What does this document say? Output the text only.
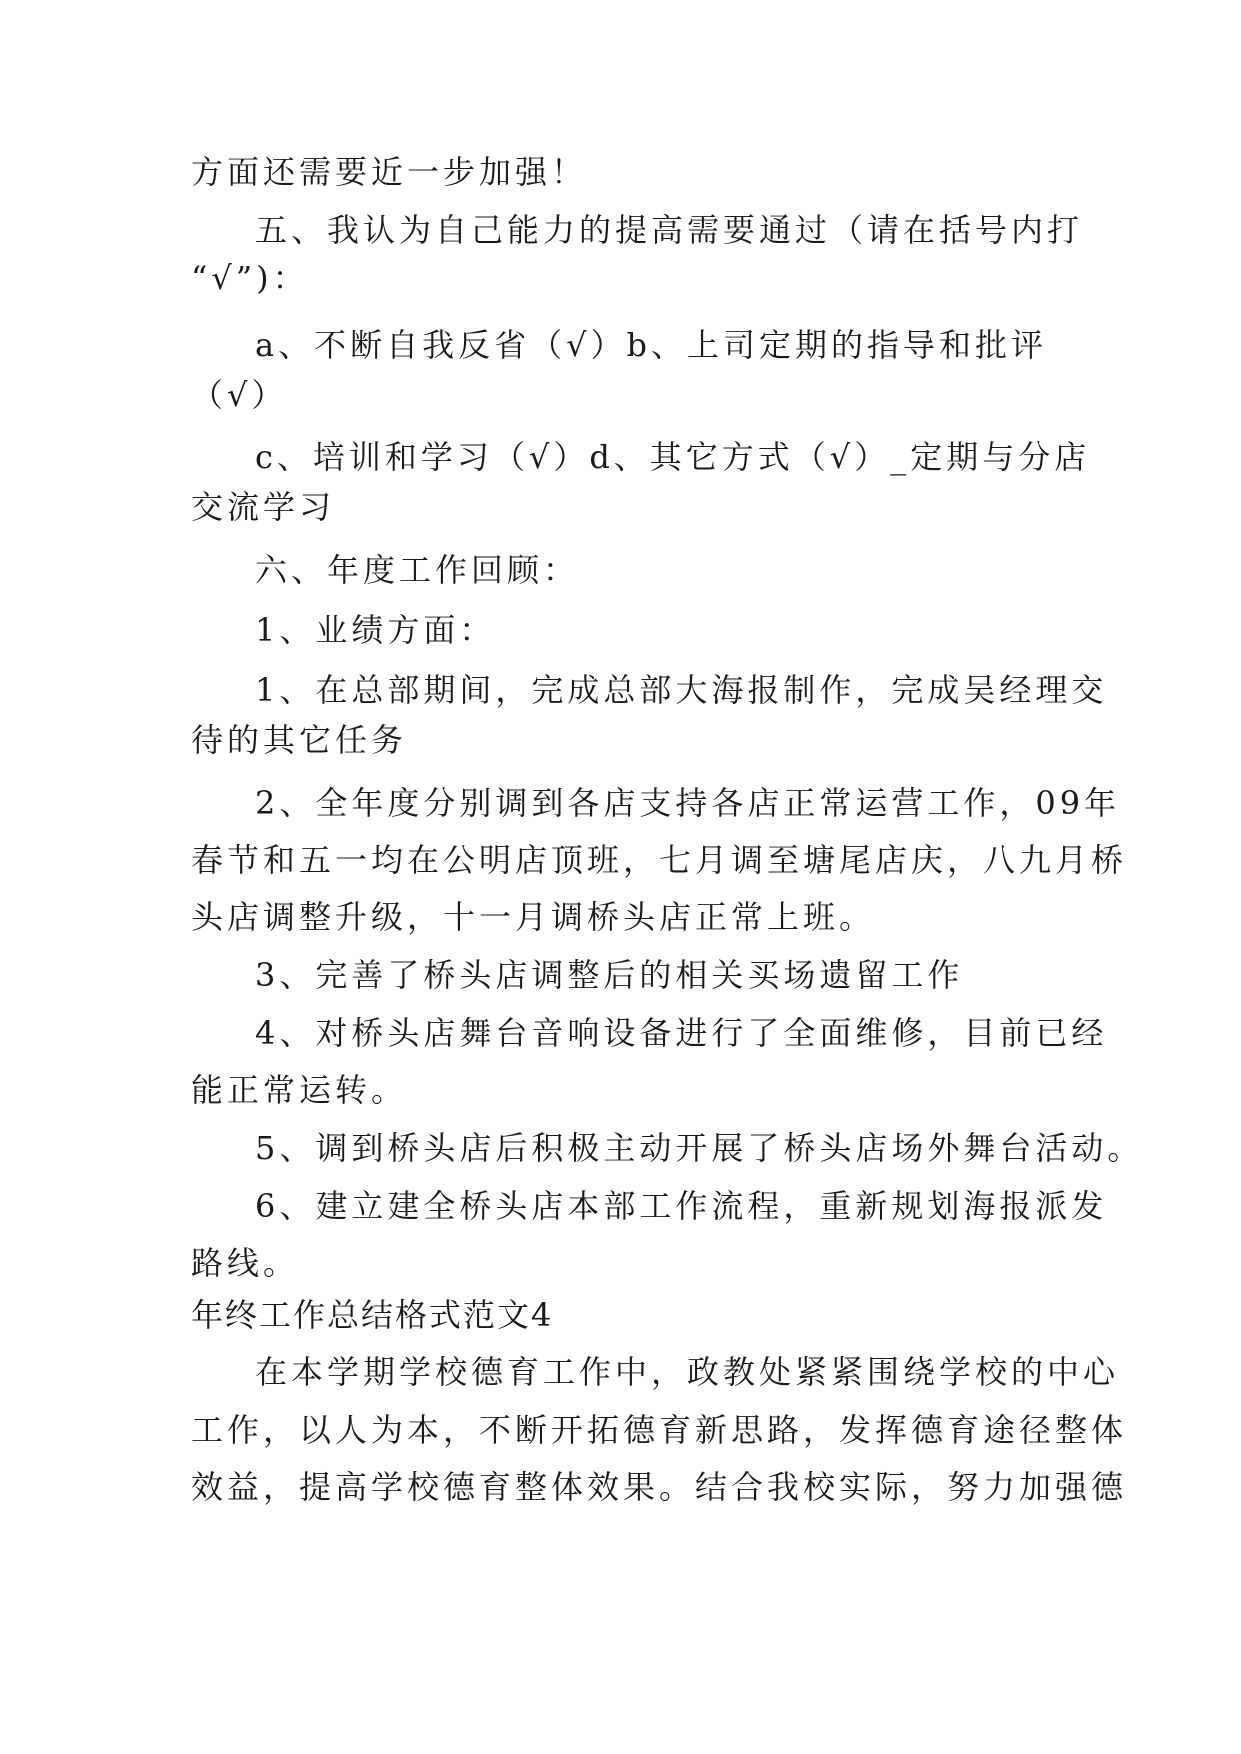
方面还需要近一步加强！
五、我认为自己能力的提高需要通过（请在括号内打
“√”)：
a、不断自我反省（√）b、上司定期的指导和批评
（√）
c、培训和学习（√）d、其它方式（√）_定期与分店
交流学习
六、年度工作回顾：
1、业绩方面：
1、在总部期间，完成总部大海报制作，完成吴经理交
待的其它任务
2、全年度分别调到各店支持各店正常运营工作，09年
春节和五一均在公明店顶班，七月调至塘尾店庆，八九月桥
头店调整升级，十一月调桥头店正常上班。
3、完善了桥头店调整后的相关买场遗留工作
4、对桥头店舞台音响设备进行了全面维修，目前已经
能正常运转。
5、调到桥头店后积极主动开展了桥头店场外舞台活动。
6、建立建全桥头店本部工作流程，重新规划海报派发
路线。
年终工作总结格式范文4
在本学期学校德育工作中，政教处紧紧围绕学校的中心
工作，以人为本，不断开拓德育新思路，发挥德育途径整体
效益，提高学校德育整体效果。结合我校实际，努力加强德
